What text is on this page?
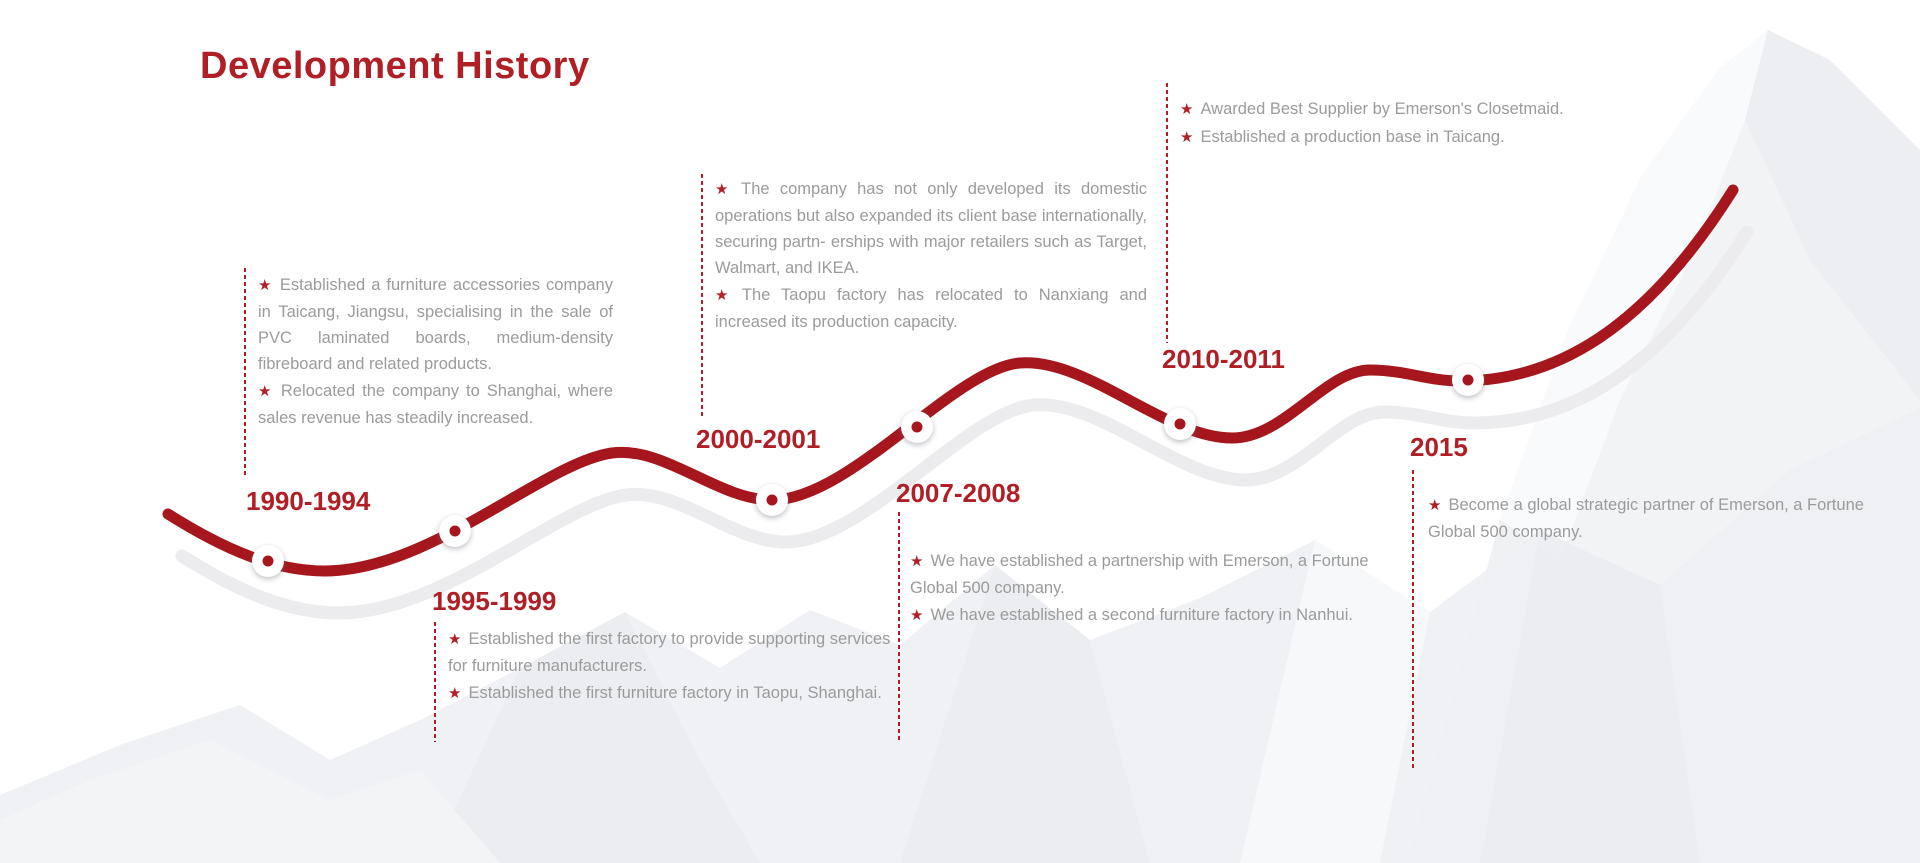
Development History

★ Established a furniture accessories company in Taicang, Jiangsu, specialising in the sale of PVC laminated boards, medium-density fibreboard and related products.

★ Relocated the company to Shanghai, where sales revenue has steadily increased.

1990-1994
1995-1999

★ Established the first factory to provide supporting services for furniture manufacturers.

★ Established the first furniture factory in Taopu, Shanghai.

★ The company has not only developed its domestic operations but also expanded its client base internationally, securing partn- erships with major retailers such as Target, Walmart, and IKEA.

★ The Taopu factory has relocated to Nanxiang and increased its production capacity.

2000-2001
2007-2008

★ We have established a partnership with Emerson, a Fortune Global 500 company.

★ We have established a second furniture factory in Nanhui.

★ Awarded Best Supplier by Emerson's Closetmaid.

★ Established a production base in Taicang.

2010-2011
2015

★ Become a global strategic partner of Emerson, a Fortune Global 500 company.
